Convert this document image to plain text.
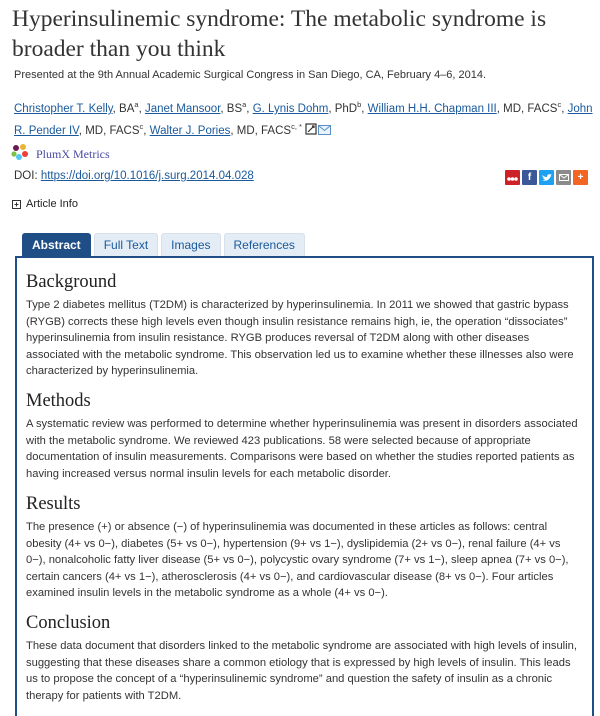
Hyperinsulinemic syndrome: The metabolic syndrome is broader than you think
Presented at the 9th Annual Academic Surgical Congress in San Diego, CA, February 4–6, 2014.
Christopher T. Kelly, $BA^a$, Janet Mansoor, $BS^a$, G. Lynis Dohm, PhD$^b$, William H.H. Chapman III, MD, FACS$^c$, John R. Pender IV, MD, FACS$^c$, Walter J. Pories, MD, $FACS^{c, *}$
PlumX Metrics
DOI: https://doi.org/10.1016/j.surg.2014.04.028	f	+
+ Article Info
Abstract	Full Text	Images	References
Background

Type 2 diabetes mellitus (T2DM) is characterized by hyperinsulinemia. In 2011 we showed that gastric bypass (RYGB) corrects these high levels even though insulin resistance remains high, ie, the operation “dissociates” hyperinsulinemia from insulin resistance. RYGB produces reversal of T2DM along with other diseases associated with the metabolic syndrome. This observation led us to examine whether these illnesses also were characterized by hyperinsulinemia.

Methods

A systematic review was performed to determine whether hyperinsulinemia was present in disorders associated with the metabolic syndrome. We reviewed 423 publications. 58 were selected because of appropriate documentation of insulin measurements. Comparisons were based on whether the studies reported patients as having increased versus normal insulin levels for each metabolic disorder.

Results

The presence (+) or absence (−) of hyperinsulinemia was documented in these articles as follows: central obesity (4+ vs 0−), diabetes (5+ vs 0−), hypertension (9+ vs 1−), dyslipidemia (2+ vs 0−), renal failure (4+ vs 0−), nonalcoholic fatty liver disease (5+ vs 0−), polycystic ovary syndrome (7+ vs 1−), sleep apnea (7+ vs 0−), certain cancers (4+ vs 1−), atherosclerosis (4+ vs 0−), and cardiovascular disease (8+ vs 0−). Four articles examined insulin levels in the metabolic syndrome as a whole (4+ vs 0−).

Conclusion

These data document that disorders linked to the metabolic syndrome are associated with high levels of insulin, suggesting that these diseases share a common etiology that is expressed by high levels of insulin. This leads us to propose the concept of a “hyperinsulinemic syndrome” and question the safety of insulin as a chronic therapy for patients with T2DM.
